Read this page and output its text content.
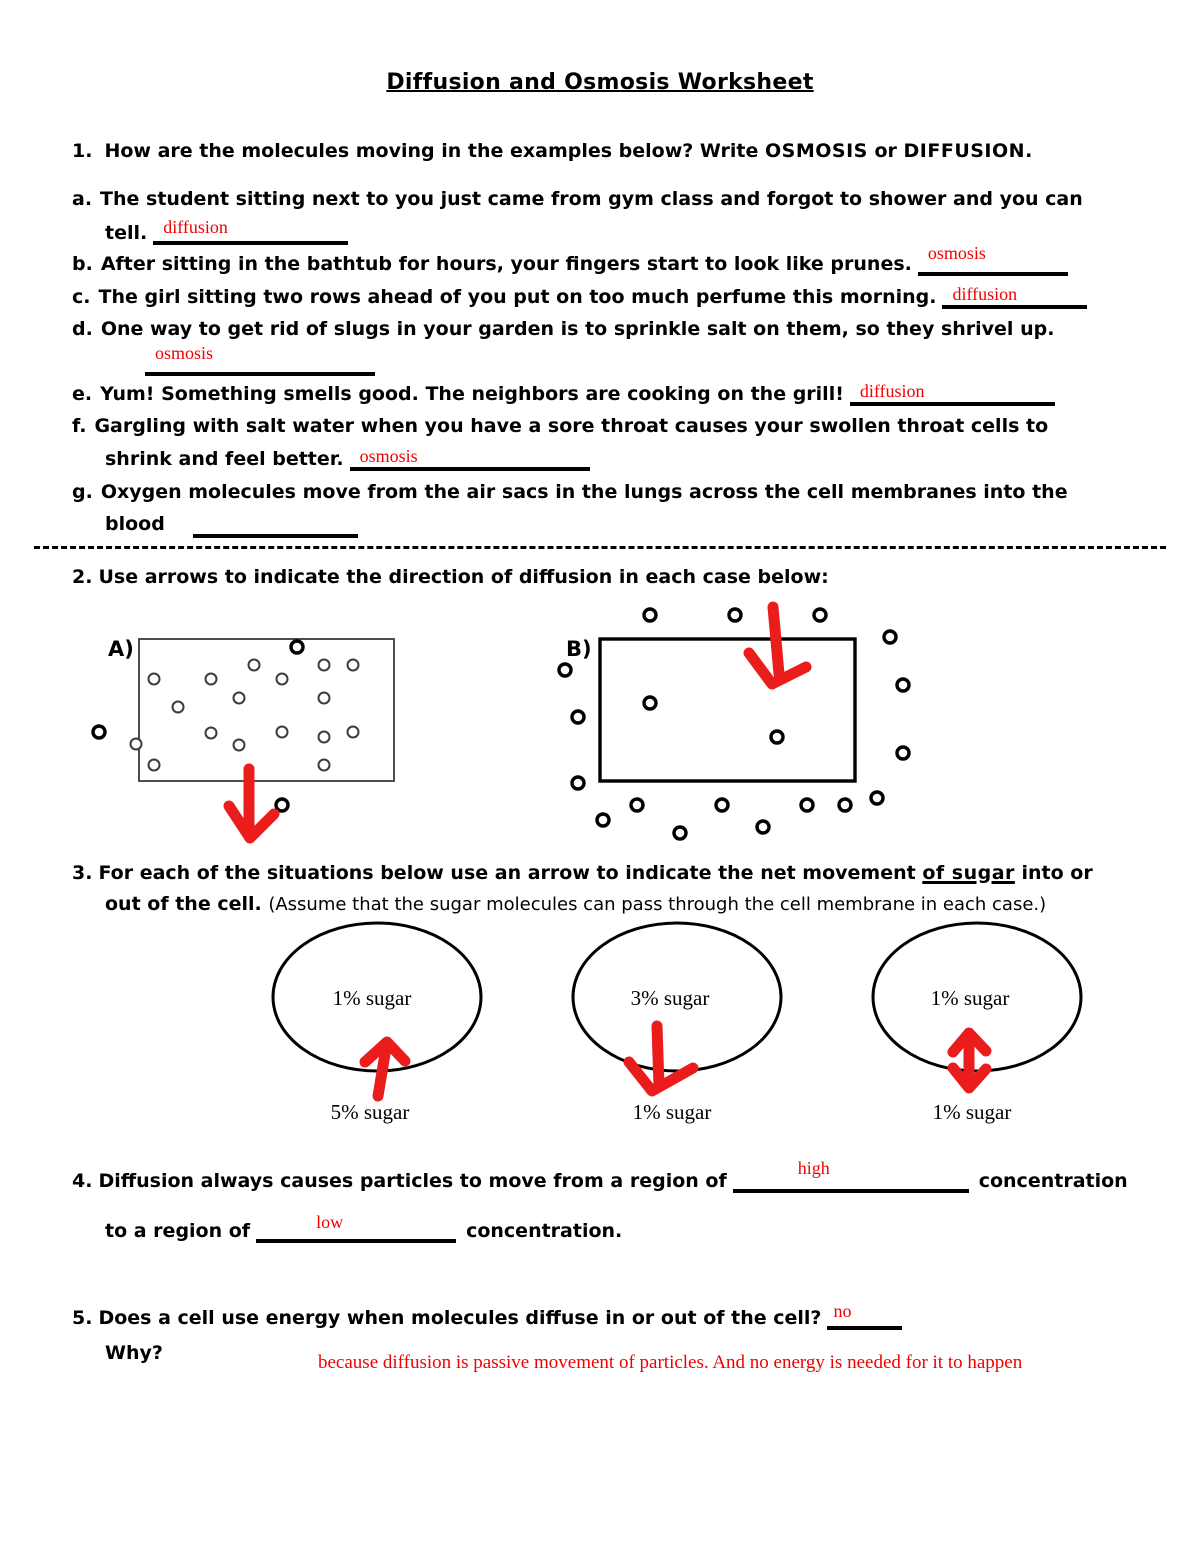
Diffusion and Osmosis Worksheet
1. How are the molecules moving in the examples below? Write OSMOSIS or DIFFUSION.
a. The student sitting next to you just came from gym class and forgot to shower and you can
tell. diffusion
b. After sitting in the bathtub for hours, your fingers start to look like prunes. osmosis
c. The girl sitting two rows ahead of you put on too much perfume this morning. diffusion
d. One way to get rid of slugs in your garden is to sprinkle salt on them, so they shrivel up.
osmosis
e. Yum! Something smells good. The neighbors are cooking on the grill! diffusion
f. Gargling with salt water when you have a sore throat causes your swollen throat cells to
shrink and feel better. osmosis
g. Oxygen molecules move from the air sacs in the lungs across the cell membranes into the
blood
2. Use arrows to indicate the direction of diffusion in each case below:
3. For each of the situations below use an arrow to indicate the net movement of sugar into or
out of the cell. (Assume that the sugar molecules can pass through the cell membrane in each case.)
4. Diffusion always causes particles to move from a region of
high
concentration
to a region of	low	concentration.
5. Does a cell use energy when molecules diffuse in or out of the cell? no
Why?	because diffusion is passive movement of particles. And no energy is needed for it to happen
A)	B)
1% sugar
5% sugar
3% sugar
1% sugar
1% sugar
1% sugar
